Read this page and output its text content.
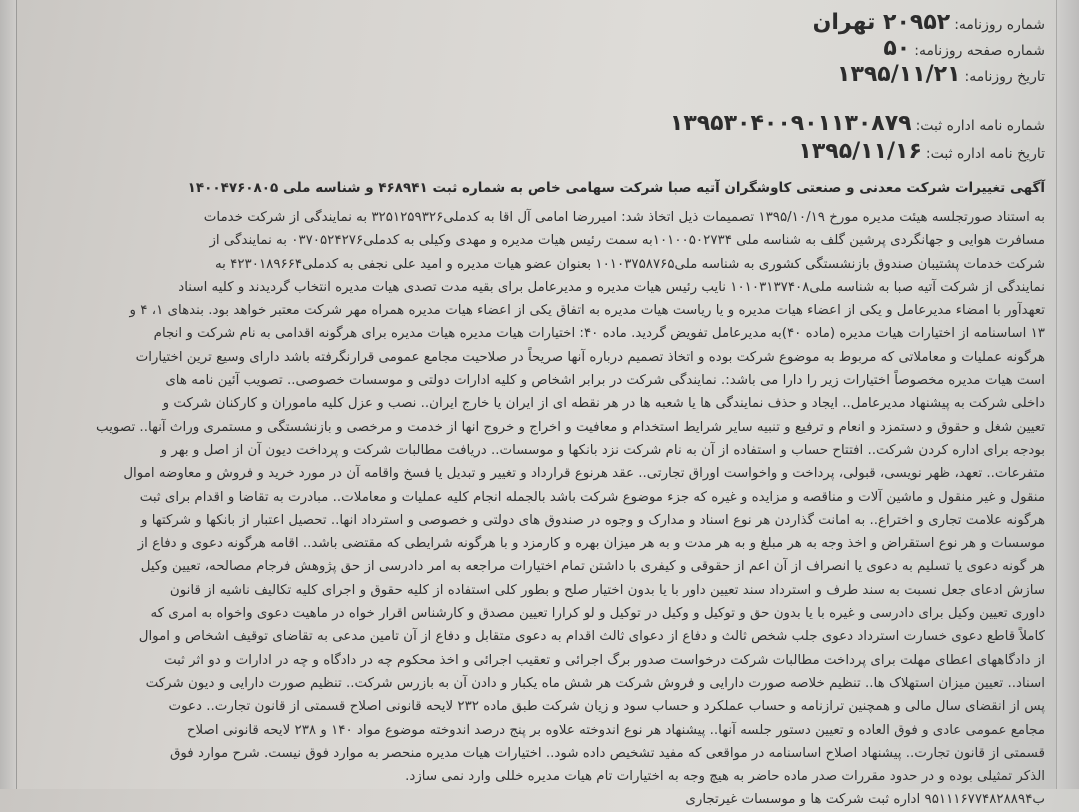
شماره روزنامه:
۲۰۹۵۲ تهران
شماره صفحه روزنامه:
۵۰
تاریخ روزنامه:
۱۳۹۵/۱۱/۲۱
شماره نامه اداره ثبت:
۱۳۹۵۳۰۴۰۰۹۰۱۱۳۰۸۷۹
تاریخ نامه اداره ثبت:
۱۳۹۵/۱۱/۱۶
آگهی تغییرات شرکت معدنی و صنعتی کاوشگران آتیه صبا شرکت سهامی خاص به شماره ثبت ۴۶۸۹۴۱ و شناسه ملی ۱۴۰۰۴۷۶۰۸۰۵
به استناد صورتجلسه هیئت مدیره مورخ ۱۳۹۵/۱۰/۱۹ تصمیمات ذیل اتخاذ شد: امیررضا امامی آل اقا به کدملی۳۲۵۱۲۵۹۳۲۶ به نمایندگی از شرکت خدمات
مسافرت هوایی و جهانگردی پرشین گلف به شناسه ملی ۱۰۱۰۰۵۰۲۷۳۴به سمت رئیس هیات مدیره و مهدی وکیلی به کدملی۰۳۷۰۵۲۴۲۷۶ به نمایندگی از
شرکت خدمات پشتیبان صندوق بازنشستگی کشوری به شناسه ملی۱۰۱۰۳۷۵۸۷۶۵ بعنوان عضو هیات مدیره و امید علی نجفی به کدملی۴۲۳۰۱۸۹۶۶۴ به
نمایندگی از شرکت آتیه صبا به شناسه ملی۱۰۱۰۳۱۳۷۴۰۸ نایب رئیس هیات مدیره و مدیرعامل برای بقیه مدت تصدی هیات مدیره انتخاب گردیدند و کلیه اسناد
تعهدآور با امضاء مدیرعامل و یکی از اعضاء هیات مدیره و یا ریاست هیات مدیره به اتفاق یکی از اعضاء هیات مدیره همراه مهر شرکت معتبر خواهد بود. بندهای ۱، ۴ و
۱۳ اساسنامه از اختیارات هیات مدیره (ماده ۴۰)به مدیرعامل تفویض گردید. ماده ۴۰: اختیارات هیات مدیره هیات مدیره برای هرگونه اقدامی به نام شرکت و انجام
هرگونه عملیات و معاملاتی که مربوط به موضوع شرکت بوده و اتخاذ تصمیم درباره آنها صریحاً در صلاحیت مجامع عمومی قرارنگرفته باشد دارای وسیع ترین اختیارات
است هیات مدیره مخصوصاً اختیارات زیر را دارا می باشد:. نمایندگی شرکت در برابر اشخاص و کلیه ادارات دولتی و موسسات خصوصی.. تصویب آئین نامه های
داخلی شرکت به پیشنهاد مدیرعامل.. ایجاد و حذف نمایندگی ها یا شعبه ها در هر نقطه ای از ایران یا خارج ایران.. نصب و عزل کلیه ماموران و کارکنان شرکت و
تعیین شغل و حقوق و دستمزد و انعام و ترفیع و تنبیه سایر شرایط استخدام و معافیت و اخراج و خروج انها از خدمت و مرخصی و بازنشستگی و مستمری وراث آنها.. تصویب
بودجه برای اداره کردن شرکت.. افتتاح حساب و استفاده از آن به نام شرکت نزد بانکها و موسسات.. دریافت مطالبات شرکت و پرداخت دیون آن از اصل و بهر و
متفرعات.. تعهد، ظهر نویسی، قبولی، پرداخت و واخواست اوراق تجارتی.. عقد هرنوع قرارداد و تغییر و تبدیل یا فسخ واقامه آن در مورد خرید و فروش و معاوضه اموال
منقول و غیر منقول و ماشین آلات و مناقصه و مزایده و غیره که جزء موضوع شرکت باشد بالجمله انجام کلیه عملیات و معاملات.. مبادرت به تقاضا و اقدام برای ثبت
هرگونه علامت تجاری و اختراع.. به امانت گذاردن هر نوع اسناد و مدارک و وجوه در صندوق های دولتی و خصوصی و استرداد انها.. تحصیل اعتبار از بانکها و شرکتها و
موسسات و هر نوع استقراض و اخذ وجه به هر مبلغ و به هر مدت و به هر میزان بهره و کارمزد و با هرگونه شرایطی که مقتضی باشد.. اقامه هرگونه دعوی و دفاع از
هر گونه دعوی یا تسلیم به دعوی یا انصراف از آن اعم از حقوقی و کیفری با داشتن تمام اختیارات مراجعه به امر دادرسی از حق پژوهش فرجام مصالحه، تعیین وکیل
سازش ادعای جعل نسبت به سند طرف و استرداد سند تعیین داور با یا بدون اختیار صلح و بطور کلی استفاده از کلیه حقوق و اجرای کلیه تکالیف ناشیه از قانون
داوری تعیین وکیل برای دادرسی و غیره با یا بدون حق و توکیل و وکیل در توکیل و لو کرارا تعیین مصدق و کارشناس اقرار خواه در ماهیت دعوی واخواه به امری که
کاملاً قاطع دعوی خسارت استرداد دعوی جلب شخص ثالث و دفاع از دعوای ثالث اقدام به دعوی متقابل و دفاع از آن تامین مدعی به تقاضای توقیف اشخاص و اموال
از دادگاههای اعطای مهلت برای پرداخت مطالبات شرکت درخواست صدور برگ اجرائی و تعقیب اجرائی و اخذ محکوم چه در دادگاه و چه در ادارات و دو اثر ثبت
اسناد.. تعیین میزان استهلاک ها.. تنظیم خلاصه صورت دارایی و فروش شرکت هر شش ماه یکبار و دادن آن به بازرس شرکت.. تنظیم صورت دارایی و دیون شرکت
پس از انقضای سال مالی و همچنین ترازنامه و حساب عملکرد و حساب سود و زیان شرکت طبق ماده ۲۳۲ لایحه قانونی اصلاح قسمتی از قانون تجارت.. دعوت
مجامع عمومی عادی و فوق العاده و تعیین دستور جلسه آنها.. پیشنهاد هر نوع اندوخته علاوه بر پنج درصد اندوخته موضوع مواد ۱۴۰ و ۲۳۸ لایحه قانونی اصلاح
قسمتی از قانون تجارت.. پیشنهاد اصلاح اساسنامه در مواقعی که مفید تشخیص داده شود.. اختیارات هیات مدیره منحصر به موارد فوق نیست. شرح موارد فوق
الذکر تمثیلی بوده و در حدود مقررات صدر ماده حاضر به هیچ وجه به اختیارات تام هیات مدیره خللی وارد نمی سازد.
ب۹۵۱۱۱۶۷۷۴۸۲۸۸۹۴ اداره ثبت شرکت ها و موسسات غیرتجاری
